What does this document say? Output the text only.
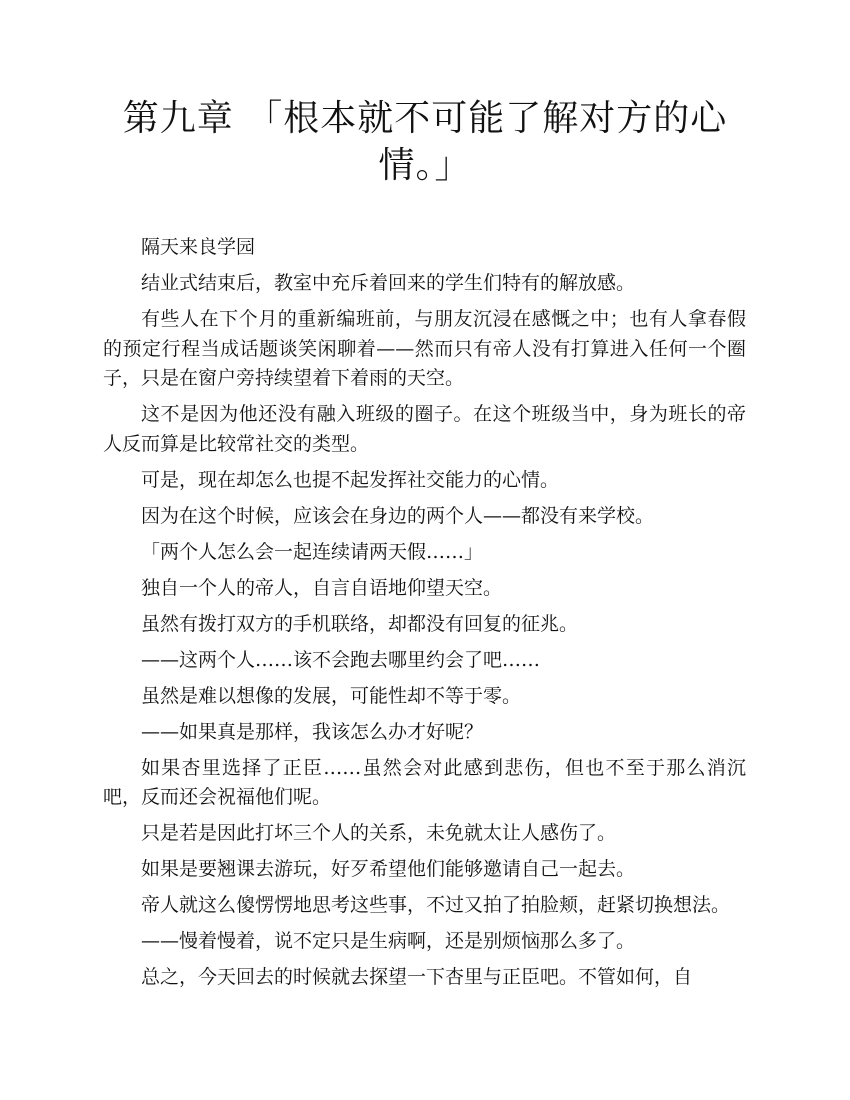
第九章 「根本就不可能了解对方的心情。」

隔天来良学园

结业式结束后，教室中充斥着回来的学生们特有的解放感。

有些人在下个月的重新编班前，与朋友沉浸在感慨之中；也有人拿春假的预定行程当成话题谈笑闲聊着——然而只有帝人没有打算进入任何一个圈子，只是在窗户旁持续望着下着雨的天空。

这不是因为他还没有融入班级的圈子。在这个班级当中，身为班长的帝人反而算是比较常社交的类型。

可是，现在却怎么也提不起发挥社交能力的心情。

因为在这个时候，应该会在身边的两个人——都没有来学校。

「两个人怎么会一起连续请两天假……」

独自一个人的帝人，自言自语地仰望天空。

虽然有拨打双方的手机联络，却都没有回复的征兆。

——这两个人……该不会跑去哪里约会了吧……

虽然是难以想像的发展，可能性却不等于零。

——如果真是那样，我该怎么办才好呢？

如果杏里选择了正臣……虽然会对此感到悲伤，但也不至于那么消沉吧，反而还会祝福他们呢。

只是若是因此打坏三个人的关系，未免就太让人感伤了。

如果是要翘课去游玩，好歹希望他们能够邀请自己一起去。

帝人就这么傻愣愣地思考这些事，不过又拍了拍脸颊，赶紧切换想法。

——慢着慢着，说不定只是生病啊，还是别烦恼那么多了。

总之，今天回去的时候就去探望一下杏里与正臣吧。不管如何，自
